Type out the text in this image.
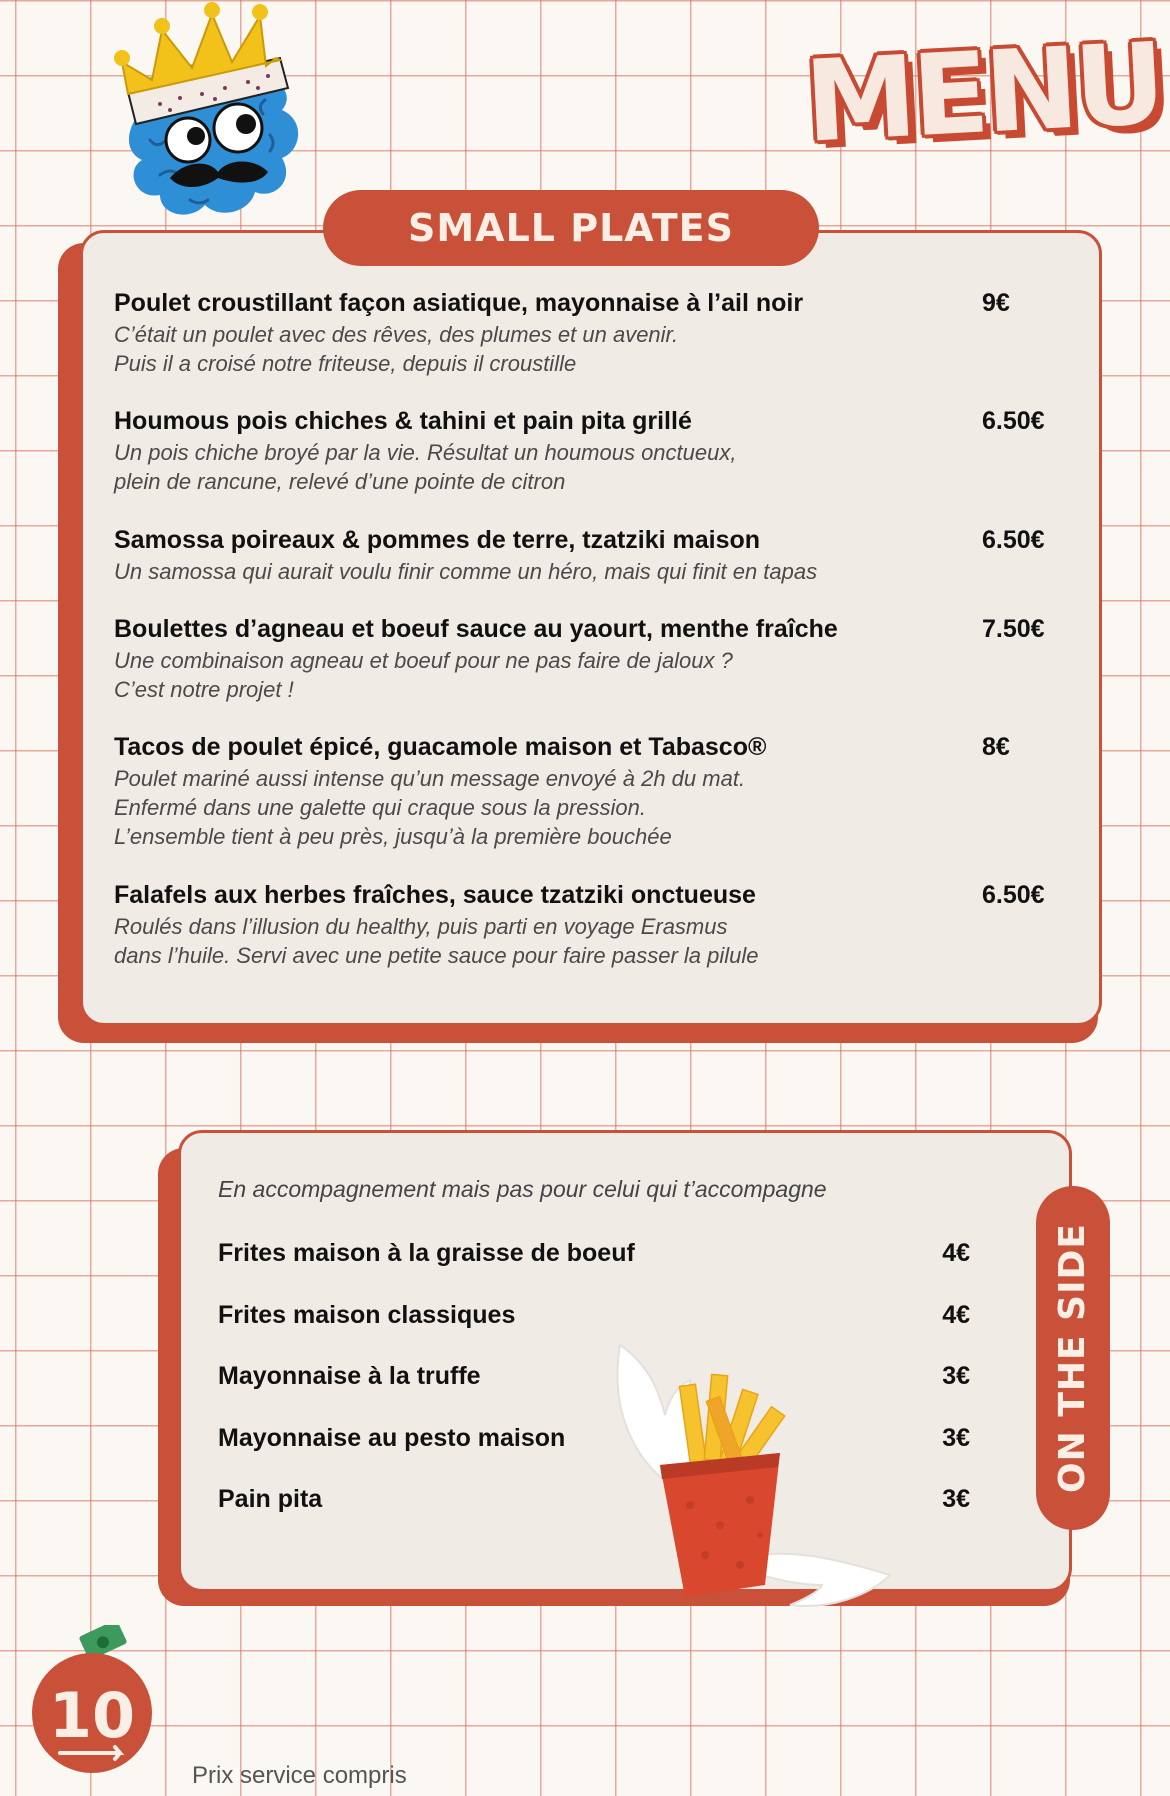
MENU
SMALL PLATES
Poulet croustillant façon asiatique, mayonnaise à l’ail noir
C’était un poulet avec des rêves, des plumes et un avenir.
Puis il a croisé notre friteuse, depuis il croustille
9€
Houmous pois chiches & tahini et pain pita grillé
Un pois chiche broyé par la vie. Résultat un houmous onctueux,
plein de rancune, relevé d’une pointe de citron
6.50€
Samossa poireaux & pommes de terre, tzatziki maison
Un samossa qui aurait voulu finir comme un héro, mais qui finit en tapas
6.50€
Boulettes d’agneau et boeuf sauce au yaourt, menthe fraîche
Une combinaison agneau et boeuf pour ne pas faire de jaloux ?
C’est notre projet !
7.50€
Tacos de poulet épicé, guacamole maison et Tabasco®
Poulet mariné aussi intense qu’un message envoyé à 2h du mat.
Enfermé dans une galette qui craque sous la pression.
L’ensemble tient à peu près, jusqu’à la première bouchée
8€
Falafels aux herbes fraîches, sauce tzatziki onctueuse
Roulés dans l’illusion du healthy, puis parti en voyage Erasmus
dans l’huile. Servi avec une petite sauce pour faire passer la pilule
6.50€
En accompagnement mais pas pour celui qui t’accompagne
Frites maison à la graisse de boeuf	4€
Frites maison classiques	4€
Mayonnaise à la truffe	3€
Mayonnaise au pesto maison	3€
Pain pita	3€
ON THE SIDE
10
Prix service compris
